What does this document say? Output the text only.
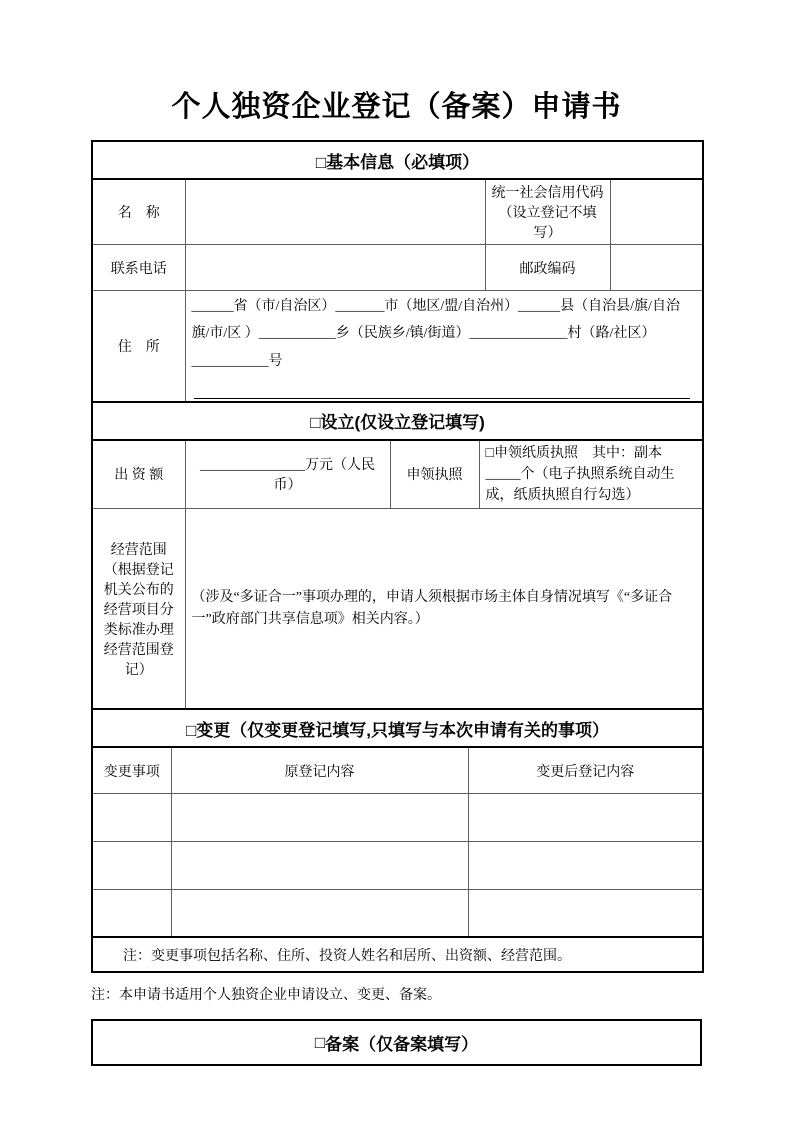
个人独资企业登记（备案）申请书
□基本信息（必填项）							
名　称						统一社会信用代码（设立登记不填写）	
联系电话						邮政编码	
住　所		______省（市/自治区）_______市（地区/盟/自治州）______县（自治县/旗/自治旗/市/区 ）___________乡（民族乡/镇/街道）______________村（路/社区）___________号					

□设立(仅设立登记填写)							
出 资 额		_______________万元（人民币）	申领执照		□申领纸质执照　其中：副本_____个（电子执照系统自动生成，纸质执照自行勾选）		
经营范围（根据登记机关公布的经营项目分类标准办理经营范围登记）		（涉及“多证合一”事项办理的，申请人须根据市场主体自身情况填写《“多证合一”政府部门共享信息项》相关内容。）					

□变更（仅变更登记填写,只填写与本次申请有关的事项）							
变更事项	原登记内容			变更后登记内容			

注：变更事项包括名称、住所、投资人姓名和居所、出资额、经营范围。							
注：本申请书适用个人独资企业申请设立、变更、备案。
□ 备案（仅备案填写）
